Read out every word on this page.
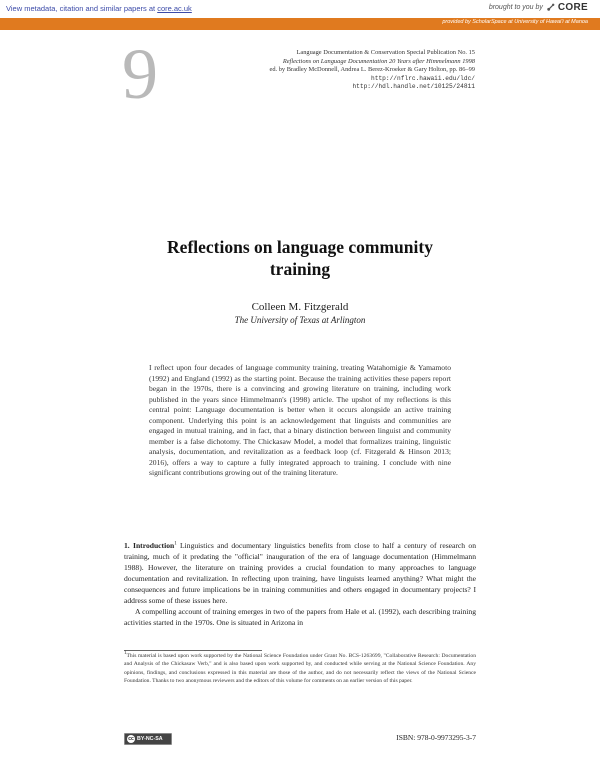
View metadata, citation and similar papers at core.ac.uk	brought to you by CORE
provided by ScholarSpace at University of Hawai'i at Manoa
9	Language Documentation & Conservation Special Publication No. 15
Reflections on Language Documentation 20 Years after Himmelmann 1998
ed. by Bradley McDonnell, Andrea L. Berez-Kroeker & Gary Holton, pp. 86–99
http://nflrc.hawaii.edu/ldc/
http://hdl.handle.net/10125/24811
Reflections on language community
training
Colleen M. Fitzgerald
The University of Texas at Arlington

I reflect upon four decades of language community training, treating Watahomigie & Yamamoto (1992) and England (1992) as the starting point. Because the training activities these papers report began in the 1970s, there is a convincing and growing literature on training, including work published in the years since Himmelmann's (1998) article. The upshot of my reflections is this central point: Language documentation is better when it occurs alongside an active training component. Underlying this point is an acknowledgement that linguists and communities are engaged in mutual training, and in fact, that a binary distinction between linguist and community member is a false dichotomy. The Chickasaw Model, a model that formalizes training, linguistic analysis, documentation, and revitalization as a feedback loop (cf. Fitzgerald & Hinson 2013; 2016), offers a way to capture a fully integrated approach to training. I conclude with nine significant contributions growing out of the training literature.

1. Introduction$^1$ Linguistics and documentary linguistics benefits from close to half a century of research on training, much of it predating the "official" inauguration of the era of language documentation (Himmelmann 1988). However, the literature on training provides a crucial foundation to many approaches to language documentation and revitalization. In reflecting upon training, have linguists learned anything? What might the consequences and future implications be in training communities and others engaged in documentary projects? I address some of these issues here.

A compelling account of training emerges in two of the papers from Hale et al. (1992), each describing training activities started in the 1970s. One is situated in Arizona in

$^1$This material is based upon work supported by the National Science Foundation under Grant No. BCS-1263699, "Collaborative Research: Documentation and Analysis of the Chickasaw Verb," and is also based upon work supported by, and conducted while serving at the National Science Foundation. Any opinions, findings, and conclusions expressed in this material are those of the author, and do not necessarily reflect the views of the National Science Foundation. Thanks to two anonymous reviewers and the editors of this volume for comments on an earlier version of this paper.

cc BY-NC-SA	ISBN: 978-0-9973295-3-7
